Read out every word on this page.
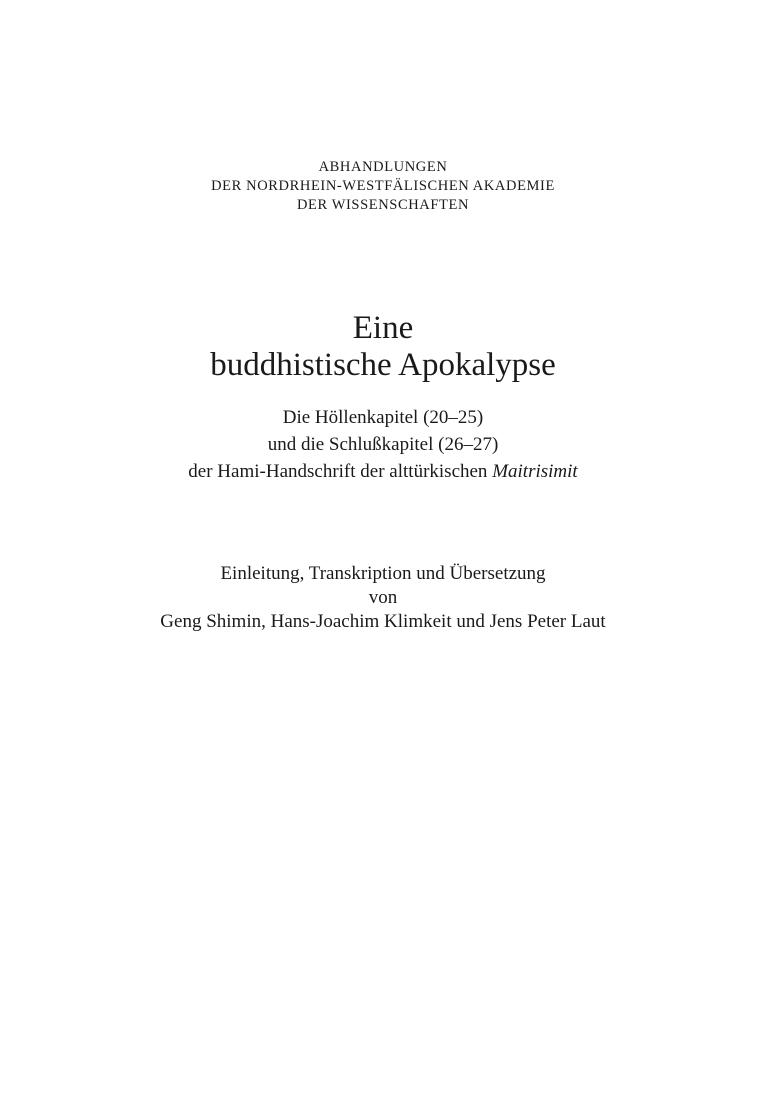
ABHANDLUNGEN
DER NORDRHEIN-WESTFÄLISCHEN AKADEMIE
DER WISSENSCHAFTEN
Eine
buddhistische Apokalypse
Die Höllenkapitel (20–25)
und die Schlußkapitel (26–27)
der Hami-Handschrift der alttürkischen Maitrisimit
Einleitung, Transkription und Übersetzung
von
Geng Shimin, Hans-Joachim Klimkeit und Jens Peter Laut
